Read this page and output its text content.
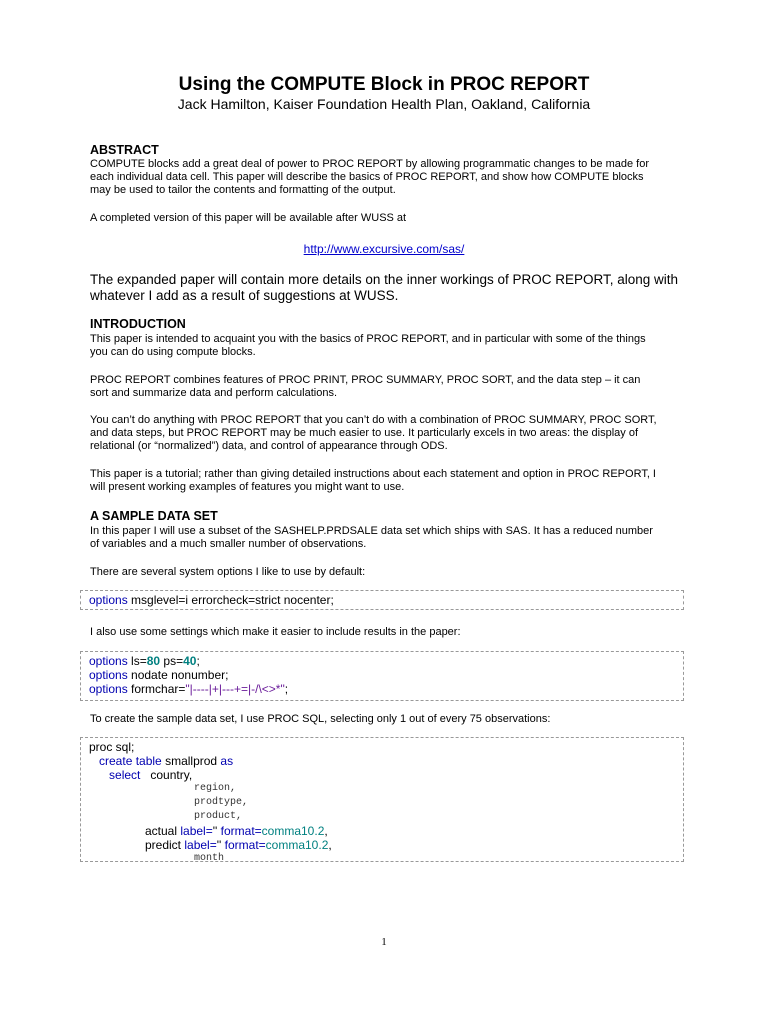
Using the COMPUTE Block in PROC REPORT
Jack Hamilton, Kaiser Foundation Health Plan, Oakland, California
ABSTRACT
COMPUTE blocks add a great deal of power to PROC REPORT by allowing programmatic changes to be made for
each individual data cell. This paper will describe the basics of PROC REPORT, and show how COMPUTE blocks
may be used to tailor the contents and formatting of the output.
A completed version of this paper will be available after WUSS at
http://www.excursive.com/sas/
The expanded paper will contain more details on the inner workings of PROC REPORT, along with
whatever I add as a result of suggestions at WUSS.
INTRODUCTION
This paper is intended to acquaint you with the basics of PROC REPORT, and in particular with some of the things
you can do using compute blocks.
PROC REPORT combines features of PROC PRINT, PROC SUMMARY, PROC SORT, and the data step – it can
sort and summarize data and perform calculations.
You can’t do anything with PROC REPORT that you can’t do with a combination of PROC SUMMARY, PROC SORT,
and data steps, but PROC REPORT may be much easier to use. It particularly excels in two areas: the display of
relational (or “normalized”) data, and control of appearance through ODS.
This paper is a tutorial; rather than giving detailed instructions about each statement and option in PROC REPORT, I
will present working examples of features you might want to use.
A SAMPLE DATA SET
In this paper I will use a subset of the SASHELP.PRDSALE data set which ships with SAS. It has a reduced number
of variables and a much smaller number of observations.
There are several system options I like to use by default:
options msglevel=i errorcheck=strict nocenter;
I also use some settings which make it easier to include results in the paper:
options ls=80 ps=40;
options nodate nonumber;
options formchar="|----|+|---+=|-/\<>*";
To create the sample data set, I use PROC SQL, selecting only 1 out of every 75 observations:
proc sql;
create table smallprod as
select   country,
region,
prodtype,
product,
actual label='' format=comma10.2,
predict label='' format=comma10.2,
month
1
